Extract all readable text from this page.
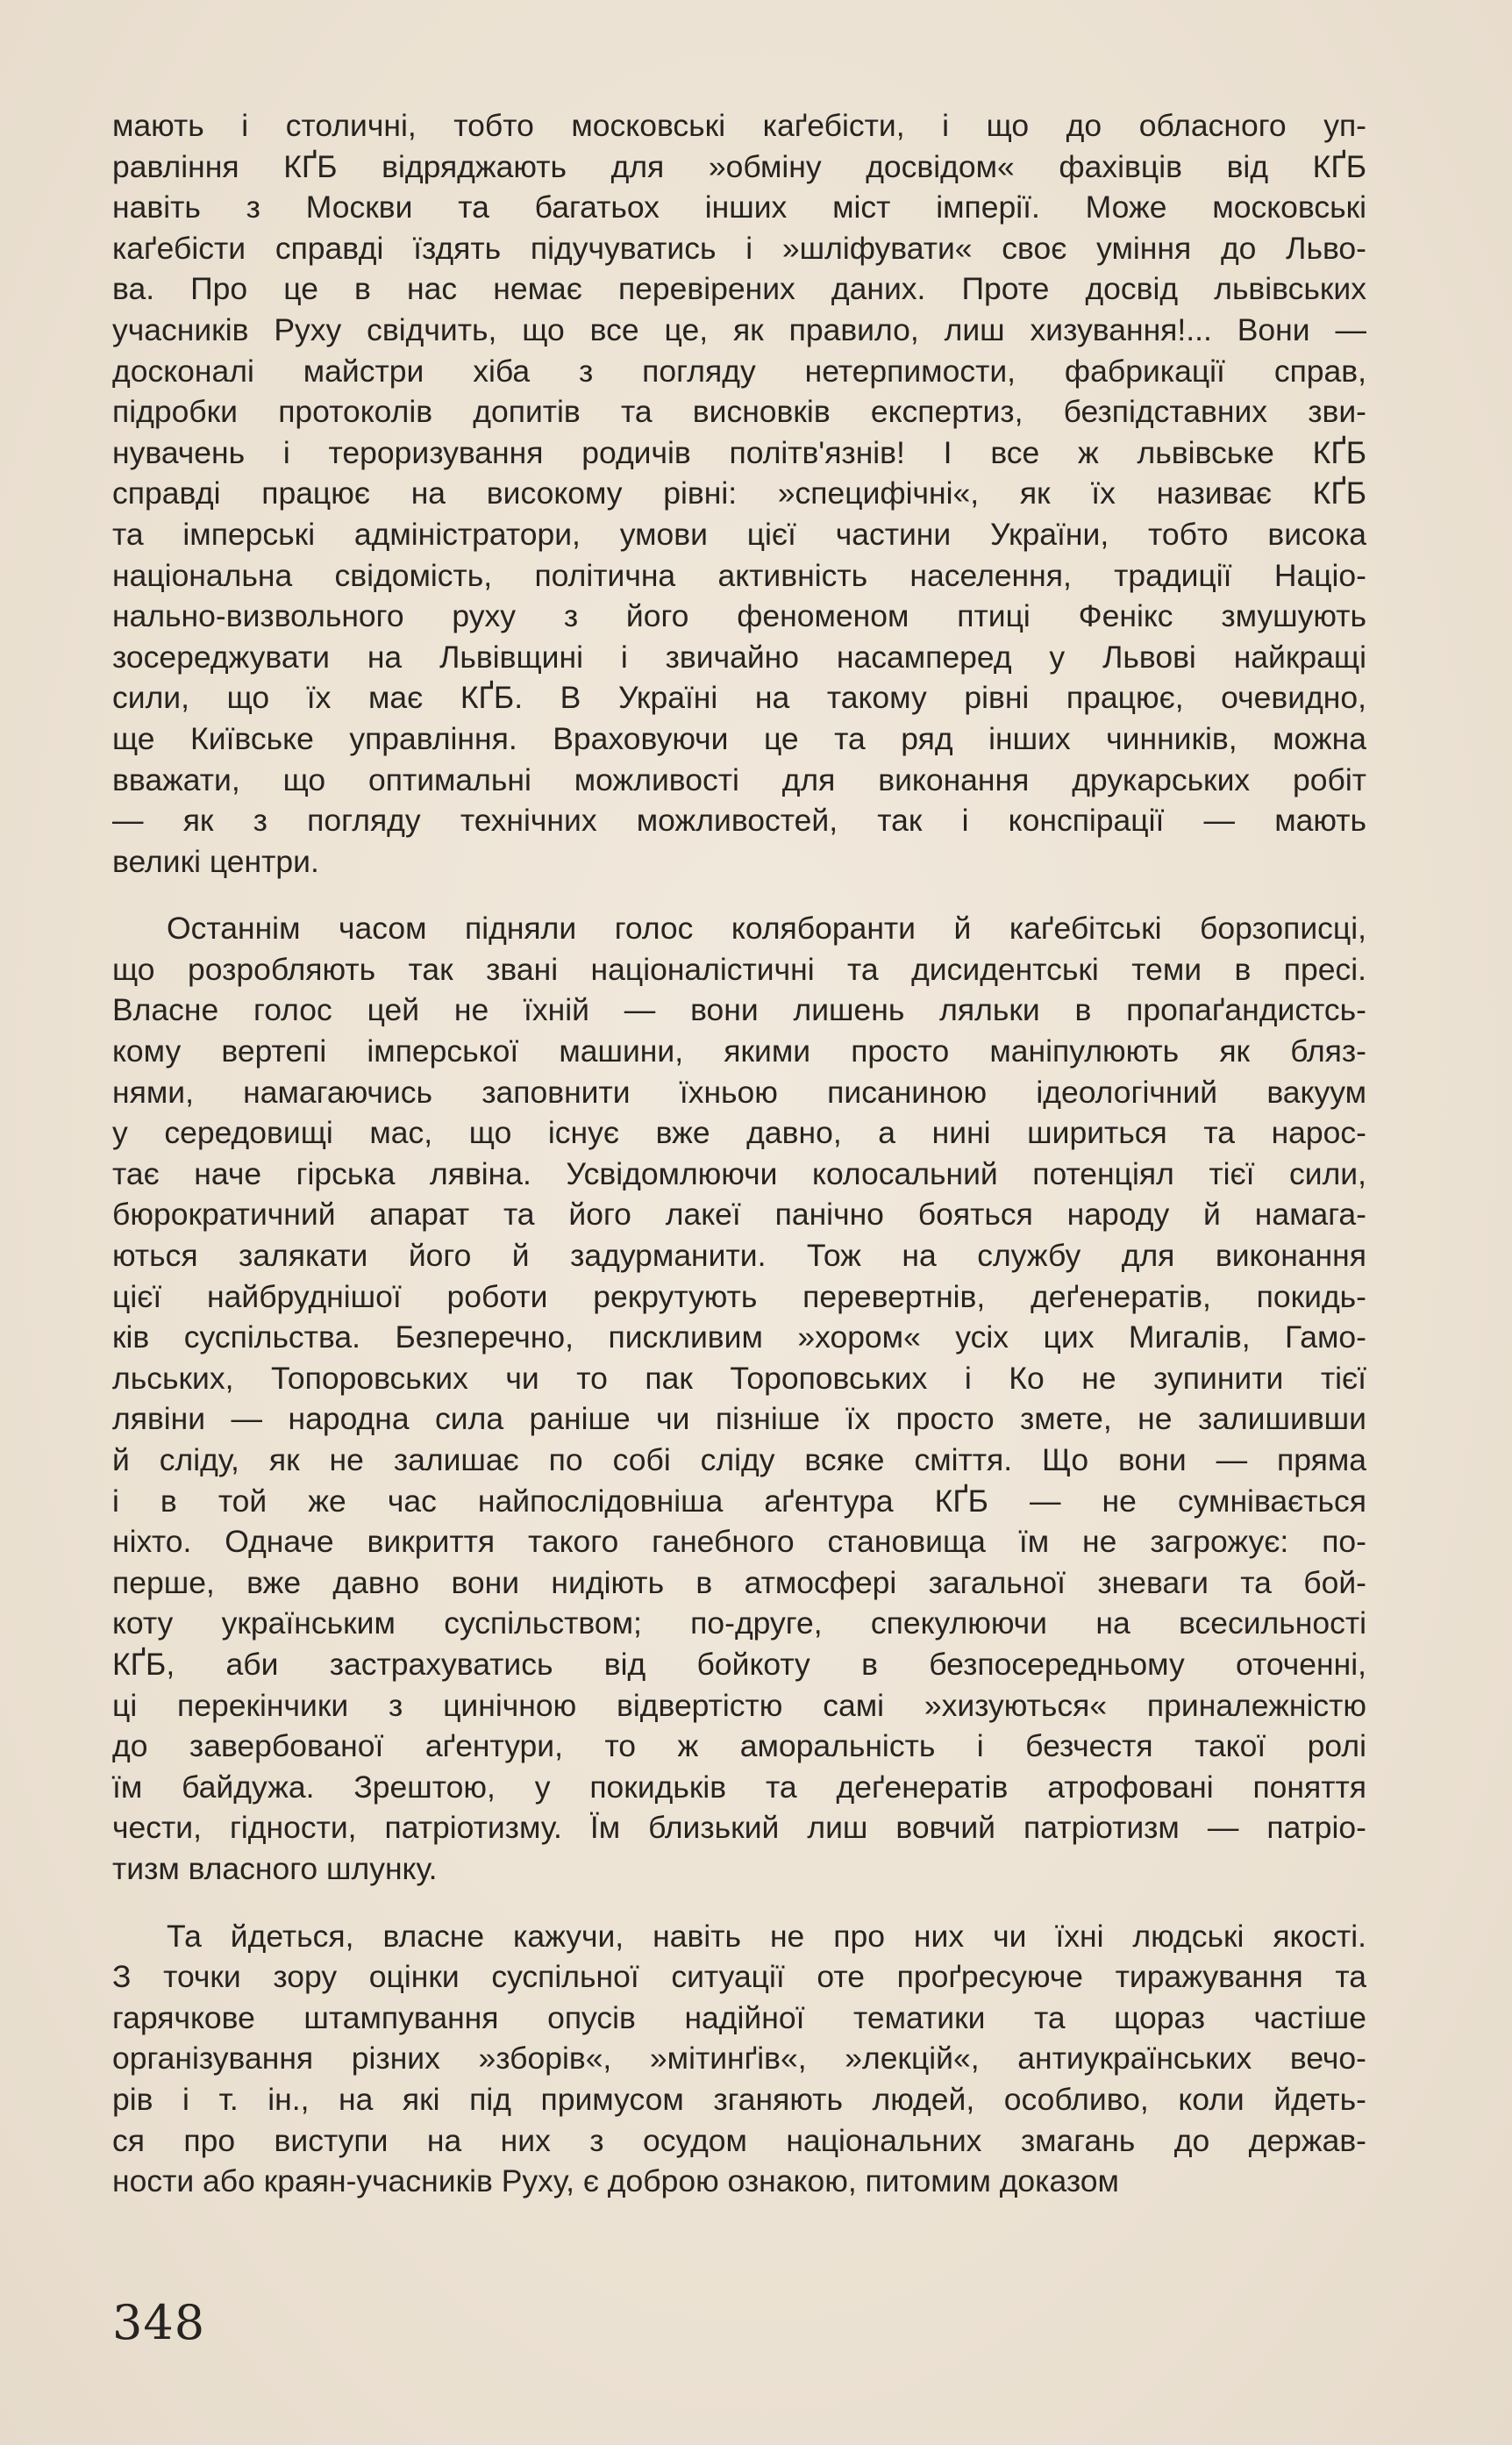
мають і столичні, тобто московські каґебісти, і що до обласного уп-
равління КҐБ відряджають для »обміну досвідом« фахівців від КҐБ
навіть з Москви та багатьох інших міст імперії. Може московські
каґебісти справді їздять підучуватись і »шліфувати« своє уміння до Льво-
ва. Про це в нас немає перевірених даних. Проте досвід львівських
учасників Руху свідчить, що все це, як правило, лиш хизування!... Вони —
досконалі майстри хіба з погляду нетерпимости, фабрикації справ,
підробки протоколів допитів та висновків експертиз, безпідставних зви-
нувачень і тероризування родичів політв'язнів! І все ж львівське КҐБ
справді працює на високому рівні: »специфічні«, як їх називає КҐБ
та імперські адміністратори, умови цієї частини України, тобто висока
національна свідомість, політична активність населення, традиції Націо-
нально-визвольного руху з його феноменом птиці Фенікс змушують
зосереджувати на Львівщині і звичайно насамперед у Львові найкращі
сили, що їх має КҐБ. В Україні на такому рівні працює, очевидно,
ще Київське управління. Враховуючи це та ряд інших чинників, можна
вважати, що оптимальні можливості для виконання друкарських робіт
— як з погляду технічних можливостей, так і конспірації — мають
великі центри.
Останнім часом підняли голос коляборанти й каґебітські борзописці,
що розробляють так звані націоналістичні та дисидентські теми в пресі.
Власне голос цей не їхній — вони лишень ляльки в пропаґандистсь-
кому вертепі імперської машини, якими просто маніпулюють як бляз-
нями, намагаючись заповнити їхньою писаниною ідеологічний вакуум
у середовищі мас, що існує вже давно, а нині шириться та нарос-
тає наче гірська лявіна. Усвідомлюючи колосальний потенціял тієї сили,
бюрократичний апарат та його лакеї панічно бояться народу й намага-
ються залякати його й задурманити. Тож на службу для виконання
цієї найбруднішої роботи рекрутують перевертнів, деґенератів, покидь-
ків суспільства. Безперечно, пискливим »хором« усіх цих Мигалів, Гамо-
льських, Топоровських чи то пак Тороповських і Ко не зупинити тієї
лявіни — народна сила раніше чи пізніше їх просто змете, не залишивши
й сліду, як не залишає по собі сліду всяке сміття. Що вони — пряма
і в той же час найпослідовніша аґентура КҐБ — не сумнівається
ніхто. Одначе викриття такого ганебного становища їм не загрожує: по-
перше, вже давно вони нидіють в атмосфері загальної зневаги та бой-
коту українським суспільством; по-друге, спекулюючи на всесильності
КҐБ, аби застрахуватись від бойкоту в безпосередньому оточенні,
ці перекінчики з цинічною відвертістю самі »хизуються« приналежністю
до завербованої аґентури, то ж аморальність і безчестя такої ролі
їм байдужа. Зрештою, у покидьків та деґенератів атрофовані поняття
чести, гідности, патріотизму. Їм близький лиш вовчий патріотизм — патріо-
тизм власного шлунку.
Та йдеться, власне кажучи, навіть не про них чи їхні людські якості.
З точки зору оцінки суспільної ситуації оте проґресуюче тиражування та
гарячкове штампування опусів надійної тематики та щораз частіше
організування різних »зборів«, »мітинґів«, »лекцій«, антиукраїнських вечо-
рів і т. ін., на які під примусом зганяють людей, особливо, коли йдеть-
ся про виступи на них з осудом національних змагань до держав-
ности або краян-учасників Руху, є доброю ознакою, питомим доказом
348
